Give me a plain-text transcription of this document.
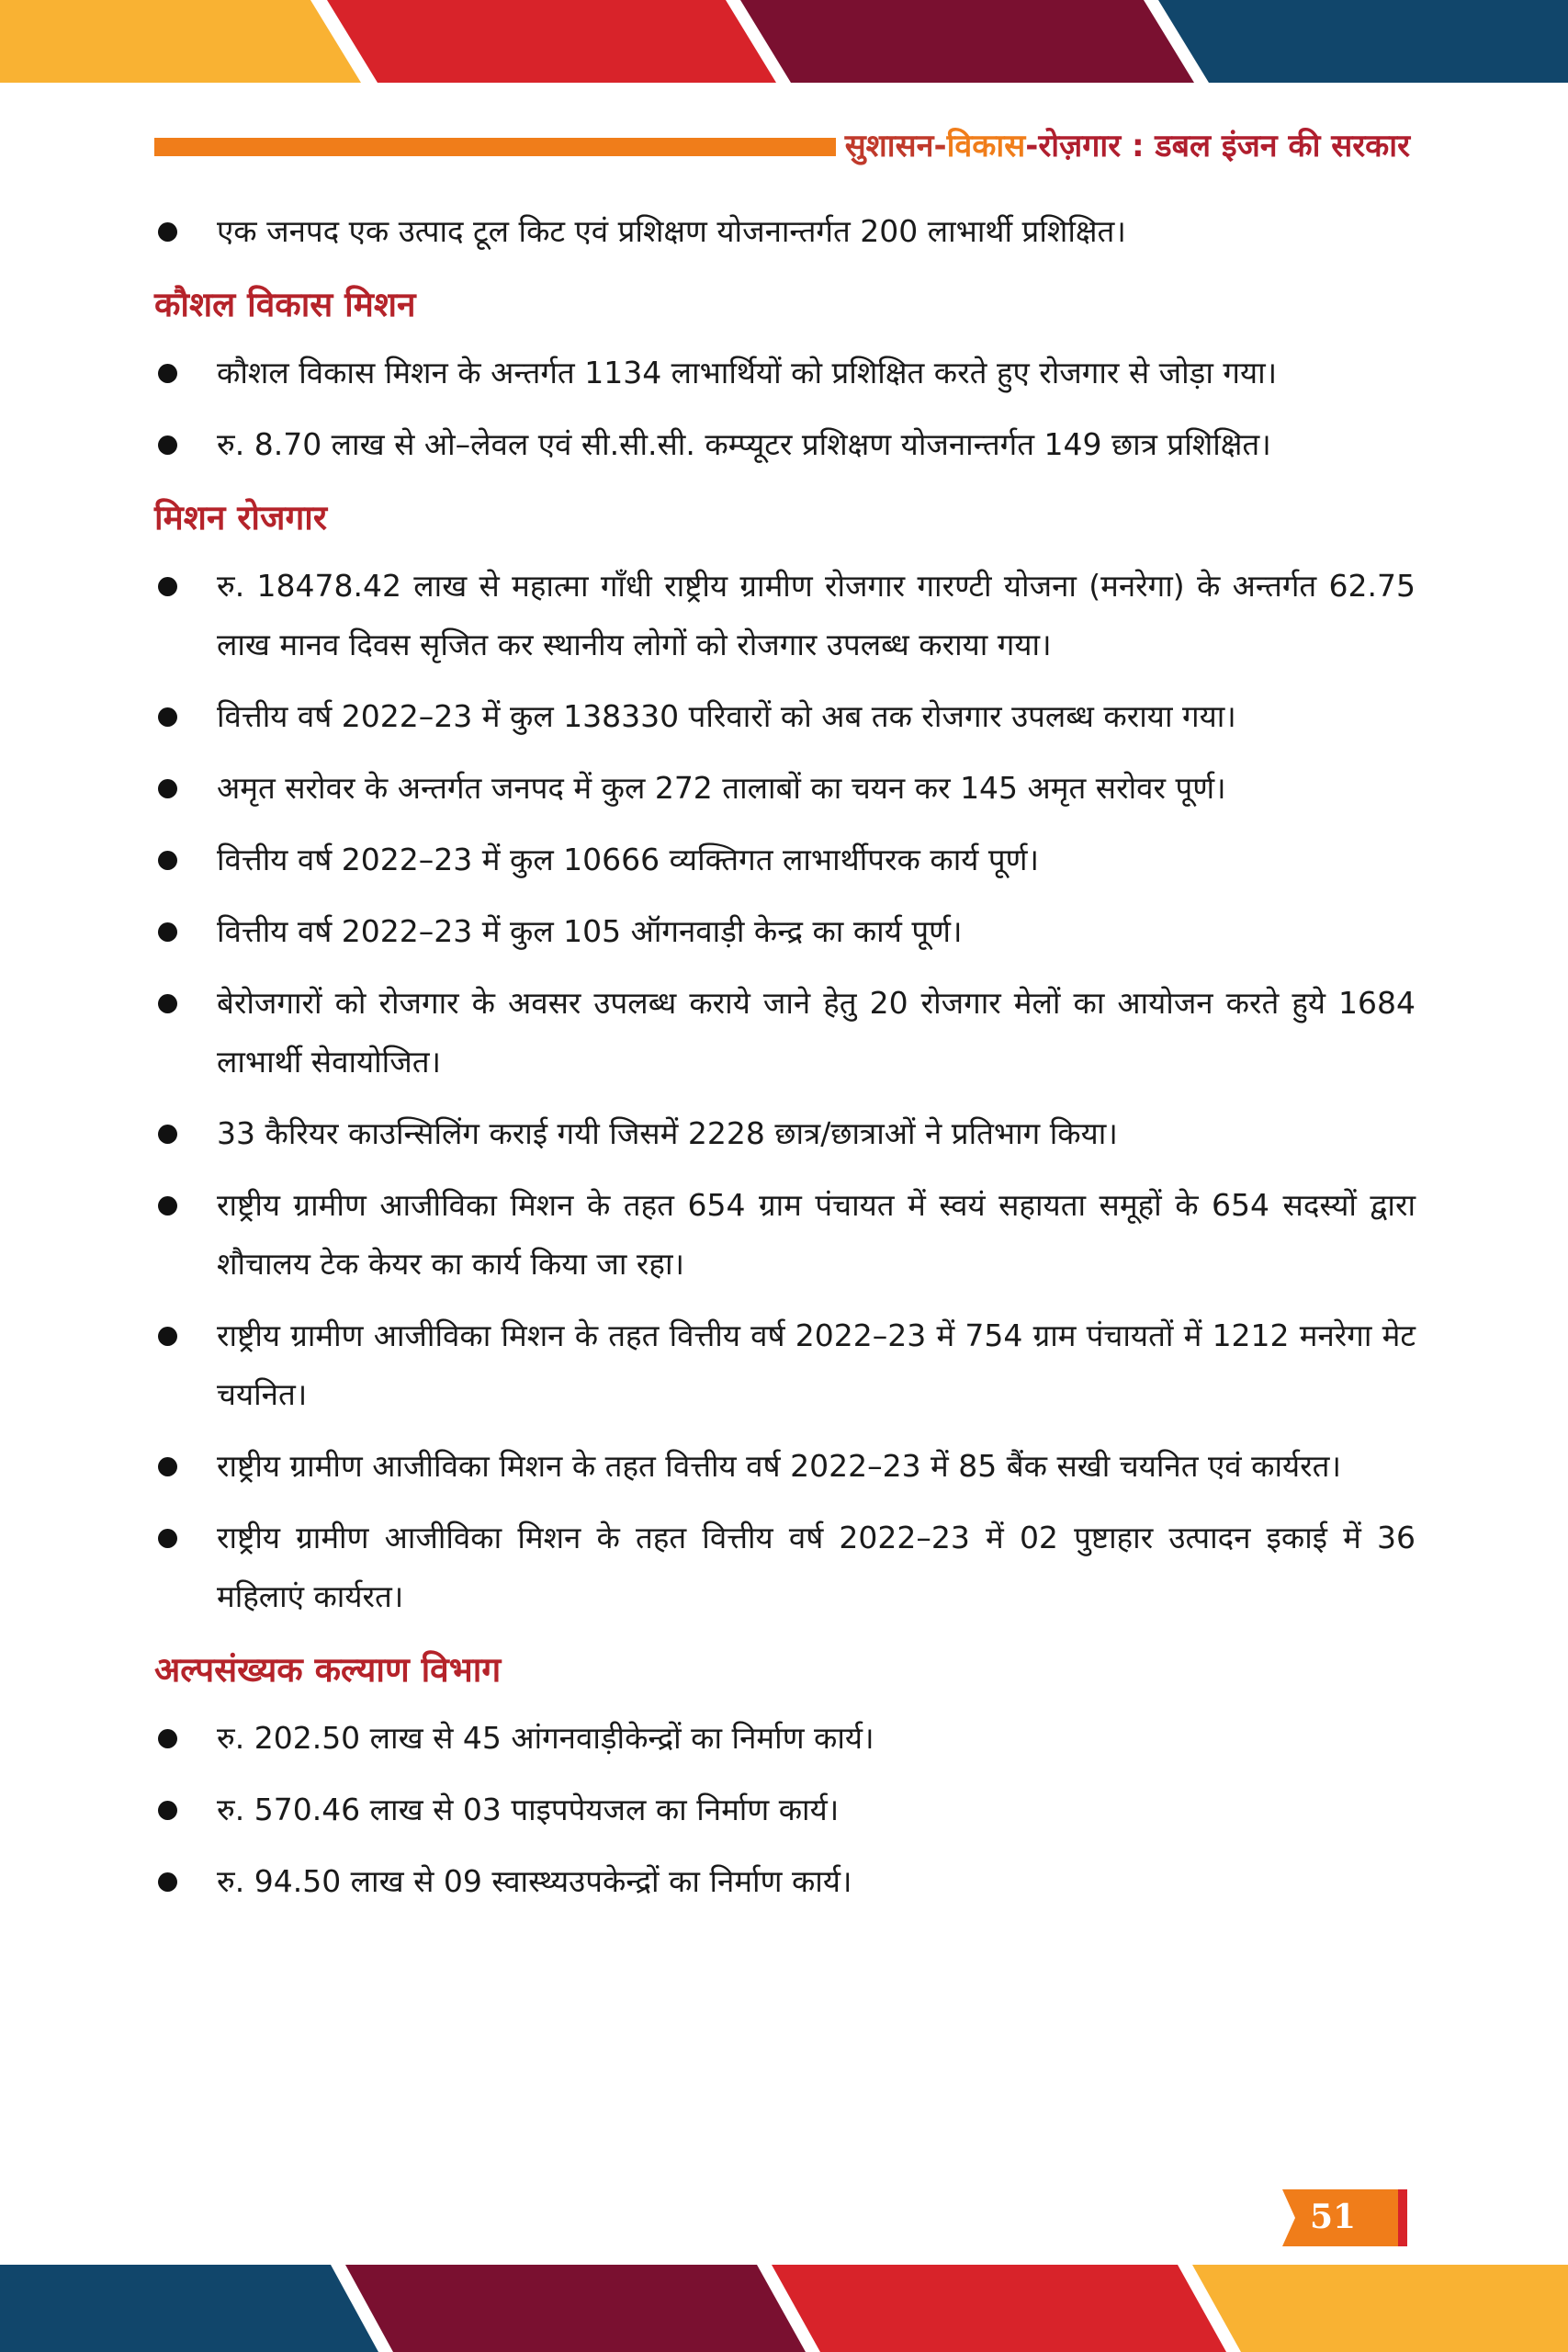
सुशासन-विकास-रोज़गार : डबल इंजन की सरकार
एक जनपद एक उत्पाद टूल किट एवं प्रशिक्षण योजनान्तर्गत 200 लाभार्थी प्रशिक्षित।
कौशल विकास मिशन
कौशल विकास मिशन के अन्तर्गत 1134 लाभार्थियों को प्रशिक्षित करते हुए रोजगार से जोड़ा गया।
रु. 8.70 लाख से ओ–लेवल एवं सी.सी.सी. कम्प्यूटर प्रशिक्षण योजनान्तर्गत 149 छात्र प्रशिक्षित।
मिशन रोजगार
रु. 18478.42 लाख से महात्मा गाँधी राष्ट्रीय ग्रामीण रोजगार गारण्टी योजना (मनरेगा) के अन्तर्गत 62.75 लाख मानव दिवस सृजित कर स्थानीय लोगों को रोजगार उपलब्ध कराया गया।
वित्तीय वर्ष 2022–23 में कुल 138330 परिवारों को अब तक रोजगार उपलब्ध कराया गया।
अमृत सरोवर के अन्तर्गत जनपद में कुल 272 तालाबों का चयन कर 145 अमृत सरोवर पूर्ण।
वित्तीय वर्ष 2022–23 में कुल 10666 व्यक्तिगत लाभार्थीपरक कार्य पूर्ण।
वित्तीय वर्ष 2022–23 में कुल 105 ऑगनवाड़ी केन्द्र का कार्य पूर्ण।
बेरोजगारों को रोजगार के अवसर उपलब्ध कराये जाने हेतु 20 रोजगार मेलों का आयोजन करते हुये 1684 लाभार्थी सेवायोजित।
33 कैरियर काउन्सिलिंग कराई गयी जिसमें 2228 छात्र/छात्राओं ने प्रतिभाग किया।
राष्ट्रीय ग्रामीण आजीविका मिशन के तहत 654 ग्राम पंचायत में स्वयं सहायता समूहों के 654 सदस्यों द्वारा शौचालय टेक केयर का कार्य किया जा रहा।
राष्ट्रीय ग्रामीण आजीविका मिशन के तहत वित्तीय वर्ष 2022–23 में 754 ग्राम पंचायतों में 1212 मनरेगा मेट चयनित।
राष्ट्रीय ग्रामीण आजीविका मिशन के तहत वित्तीय वर्ष 2022–23 में 85 बैंक सखी चयनित एवं कार्यरत।
राष्ट्रीय ग्रामीण आजीविका मिशन के तहत वित्तीय वर्ष 2022–23 में 02 पुष्टाहार उत्पादन इकाई में 36 महिलाएं कार्यरत।
अल्पसंख्यक कल्याण विभाग
रु. 202.50 लाख से 45 आंगनवाड़ीकेन्द्रों का निर्माण कार्य।
रु. 570.46 लाख से 03 पाइपपेयजल का निर्माण कार्य।
रु. 94.50 लाख से 09 स्वास्थ्यउपकेन्द्रों का निर्माण कार्य।
51
